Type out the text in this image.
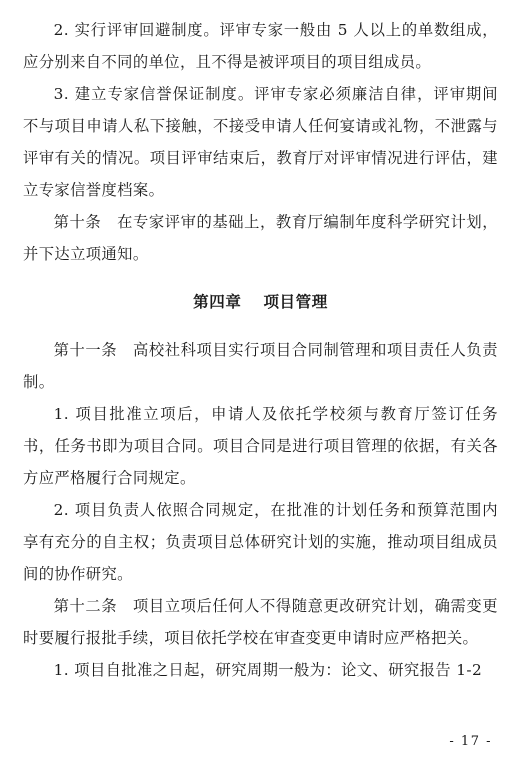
2. 实行评审回避制度。评审专家一般由 5 人以上的单数组成，应分别来自不同的单位，且不得是被评项目的项目组成员。

3. 建立专家信誉保证制度。评审专家必须廉洁自律，评审期间不与项目申请人私下接触，不接受申请人任何宴请或礼物，不泄露与评审有关的情况。项目评审结束后，教育厅对评审情况进行评估，建立专家信誉度档案。

第十条　在专家评审的基础上，教育厅编制年度科学研究计划，并下达立项通知。

第四章 项目管理

第十一条　高校社科项目实行项目合同制管理和项目责任人负责制。

1. 项目批准立项后，申请人及依托学校须与教育厅签订任务书，任务书即为项目合同。项目合同是进行项目管理的依据，有关各方应严格履行合同规定。

2. 项目负责人依照合同规定，在批准的计划任务和预算范围内享有充分的自主权；负责项目总体研究计划的实施，推动项目组成员间的协作研究。

第十二条　项目立项后任何人不得随意更改研究计划，确需变更时要履行报批手续，项目依托学校在审查变更申请时应严格把关。

1. 项目自批准之日起，研究周期一般为：论文、研究报告 1-2

- 17 -
